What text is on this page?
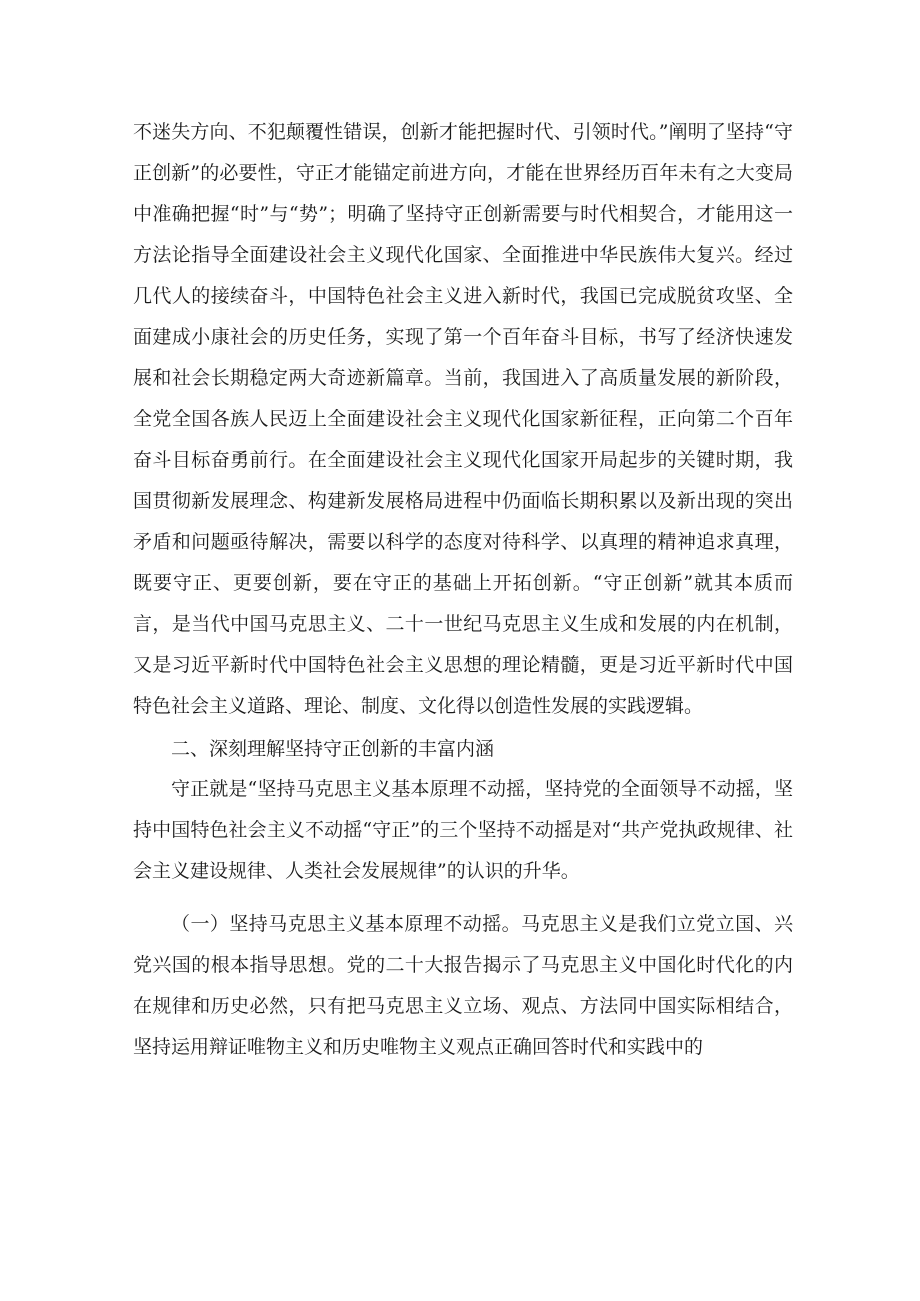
不迷失方向、不犯颠覆性错误，创新才能把握时代、引领时代。”阐明了坚持“守正创新”的必要性，守正才能锚定前进方向，才能在世界经历百年未有之大变局中准确把握“时”与“势”；明确了坚持守正创新需要与时代相契合，才能用这一方法论指导全面建设社会主义现代化国家、全面推进中华民族伟大复兴。经过几代人的接续奋斗，中国特色社会主义进入新时代，我国已完成脱贫攻坚、全面建成小康社会的历史任务，实现了第一个百年奋斗目标，书写了经济快速发展和社会长期稳定两大奇迹新篇章。当前，我国进入了高质量发展的新阶段，全党全国各族人民迈上全面建设社会主义现代化国家新征程，正向第二个百年奋斗目标奋勇前行。在全面建设社会主义现代化国家开局起步的关键时期，我国贯彻新发展理念、构建新发展格局进程中仍面临长期积累以及新出现的突出矛盾和问题亟待解决，需要以科学的态度对待科学、以真理的精神追求真理，既要守正、更要创新，要在守正的基础上开拓创新。“守正创新”就其本质而言，是当代中国马克思主义、二十一世纪马克思主义生成和发展的内在机制，又是习近平新时代中国特色社会主义思想的理论精髓，更是习近平新时代中国特色社会主义道路、理论、制度、文化得以创造性发展的实践逻辑。

二、深刻理解坚持守正创新的丰富内涵

守正就是“坚持马克思主义基本原理不动摇，坚持党的全面领导不动摇，坚持中国特色社会主义不动摇“守正”的三个坚持不动摇是对“共产党执政规律、社会主义建设规律、人类社会发展规律”的认识的升华。

（一）坚持马克思主义基本原理不动摇。马克思主义是我们立党立国、兴党兴国的根本指导思想。党的二十大报告揭示了马克思主义中国化时代化的内在规律和历史必然，只有把马克思主义立场、观点、方法同中国实际相结合，坚持运用辩证唯物主义和历史唯物主义观点正确回答时代和实践中的
